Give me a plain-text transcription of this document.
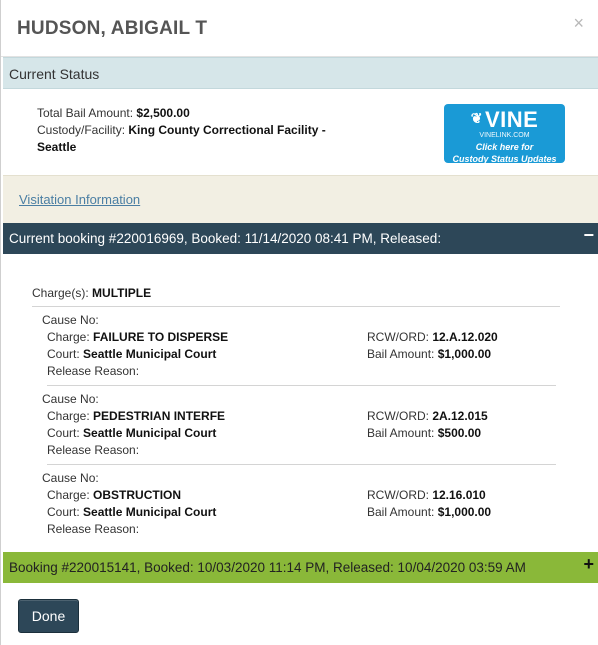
HUDSON, ABIGAIL T	×
Current Status
Total Bail Amount: $2,500.00
Custody/Facility: King County Correctional Facility - Seattle
❦VINE
VINELINK.COM
Click here for
Custody Status Updates
Visitation Information
Current booking #220016969, Booked: 11/14/2020 08:41 PM, Released:	−
Charge(s): MULTIPLE
Cause No:
Charge: FAILURE TO DISPERSE	RCW/ORD: 12.A.12.020
Court: Seattle Municipal Court	Bail Amount: $1,000.00
Release Reason:
Cause No:
Charge: PEDESTRIAN INTERFE	RCW/ORD: 2A.12.015
Court: Seattle Municipal Court	Bail Amount: $500.00
Release Reason:
Cause No:
Charge: OBSTRUCTION	RCW/ORD: 12.16.010
Court: Seattle Municipal Court	Bail Amount: $1,000.00
Release Reason:
Booking #220015141, Booked: 10/03/2020 11:14 PM, Released: 10/04/2020 03:59 AM	+
Done
